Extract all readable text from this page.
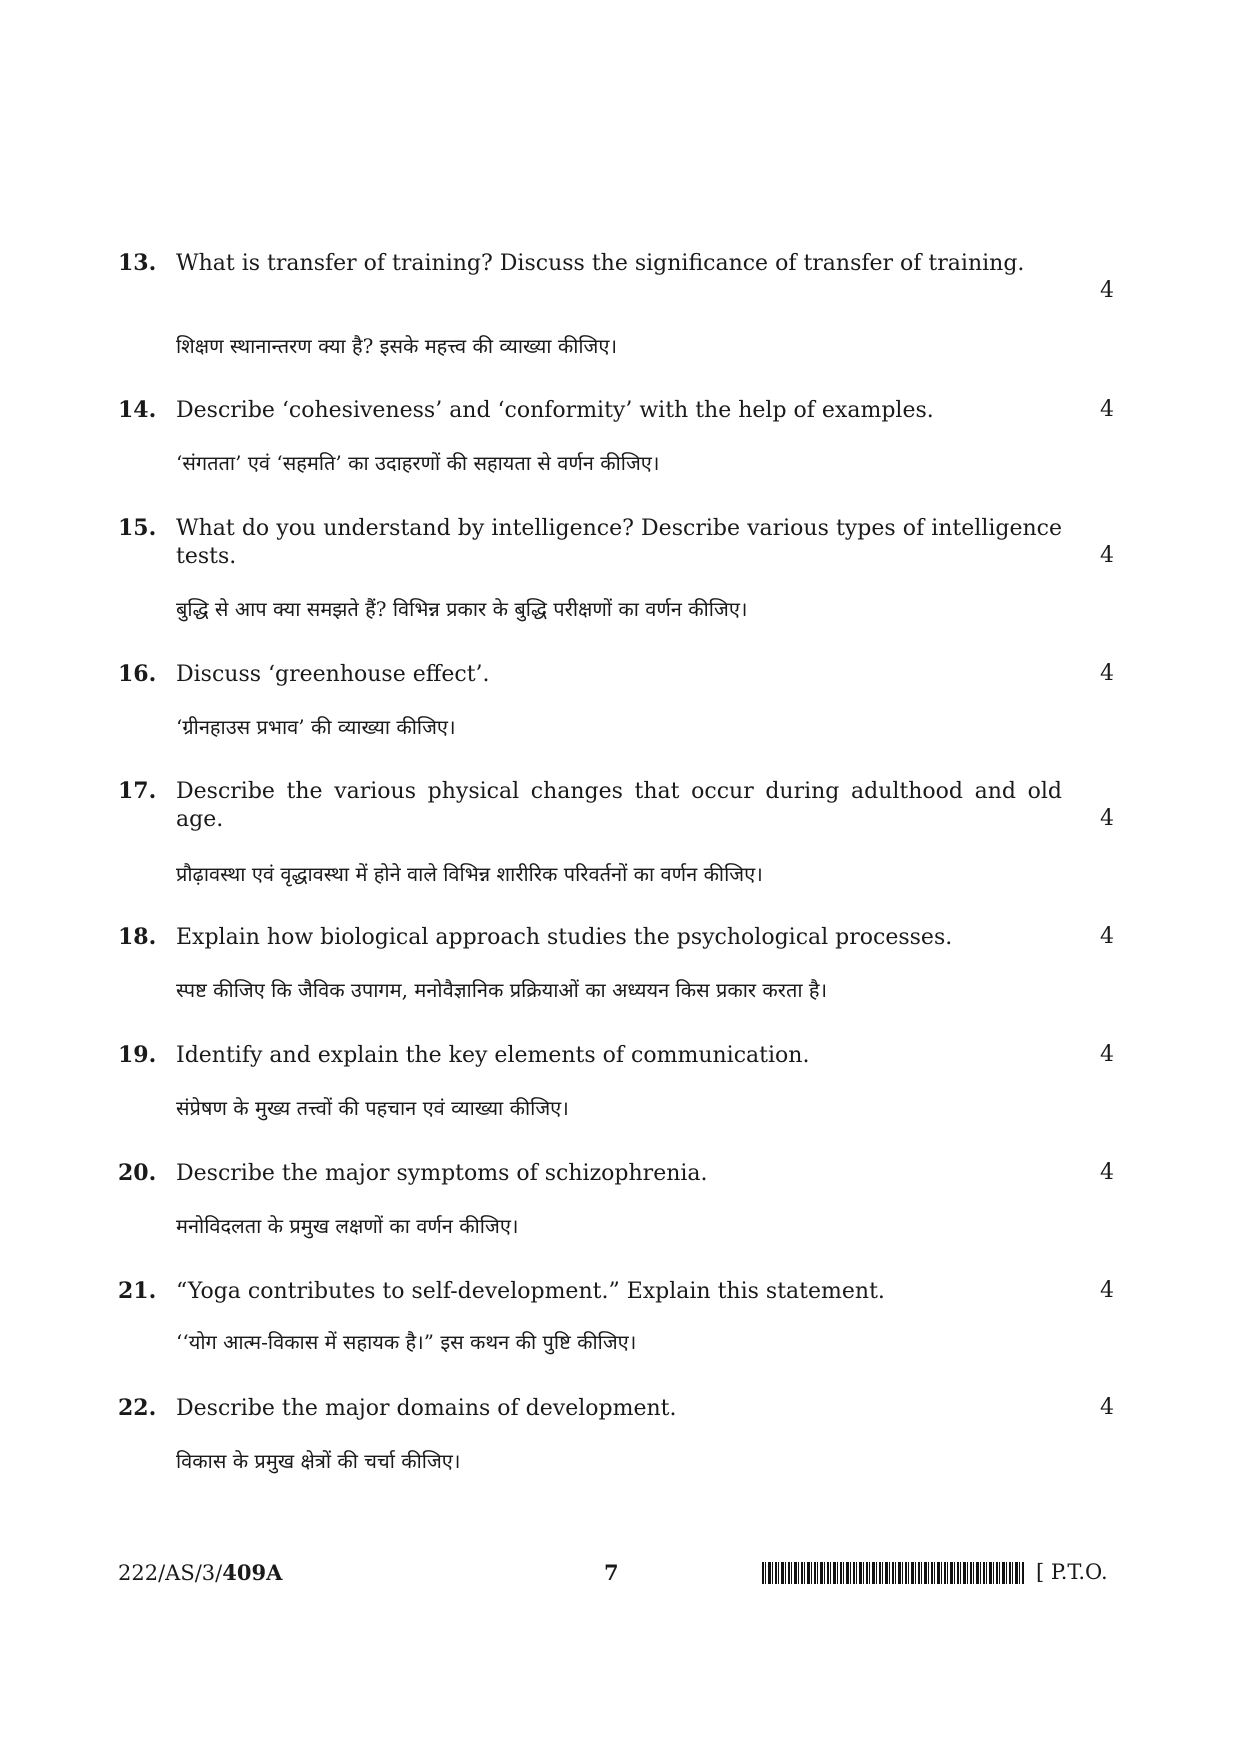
13. What is transfer of training? Discuss the significance of transfer of training.
4
शिक्षण स्थानान्तरण क्या है? इसके महत्त्व की व्याख्या कीजिए।
14. Describe ‘cohesiveness’ and ‘conformity’ with the help of examples.	4
‘संगतता’ एवं ‘सहमति’ का उदाहरणों की सहायता से वर्णन कीजिए।
15. What do you understand by intelligence? Describe various types of intelligence tests.	4
बुद्धि से आप क्या समझते हैं? विभिन्न प्रकार के बुद्धि परीक्षणों का वर्णन कीजिए।
16. Discuss ‘greenhouse effect’.	4
‘ग्रीनहाउस प्रभाव’ की व्याख्या कीजिए।
17. Describe the various physical changes that occur during adulthood and old age.	4
प्रौढ़ावस्था एवं वृद्धावस्था में होने वाले विभिन्न शारीरिक परिवर्तनों का वर्णन कीजिए।
18. Explain how biological approach studies the psychological processes.	4
स्पष्ट कीजिए कि जैविक उपागम, मनोवैज्ञानिक प्रक्रियाओं का अध्ययन किस प्रकार करता है।
19. Identify and explain the key elements of communication.	4
संप्रेषण के मुख्य तत्त्वों की पहचान एवं व्याख्या कीजिए।
20. Describe the major symptoms of schizophrenia.	4
मनोविदलता के प्रमुख लक्षणों का वर्णन कीजिए।
21. “Yoga contributes to self-development.” Explain this statement.	4
‘‘योग आत्म-विकास में सहायक है।” इस कथन की पुष्टि कीजिए।
22. Describe the major domains of development.	4
विकास के प्रमुख क्षेत्रों की चर्चा कीजिए।
222/AS/3/409A	7	[ P.T.O.
